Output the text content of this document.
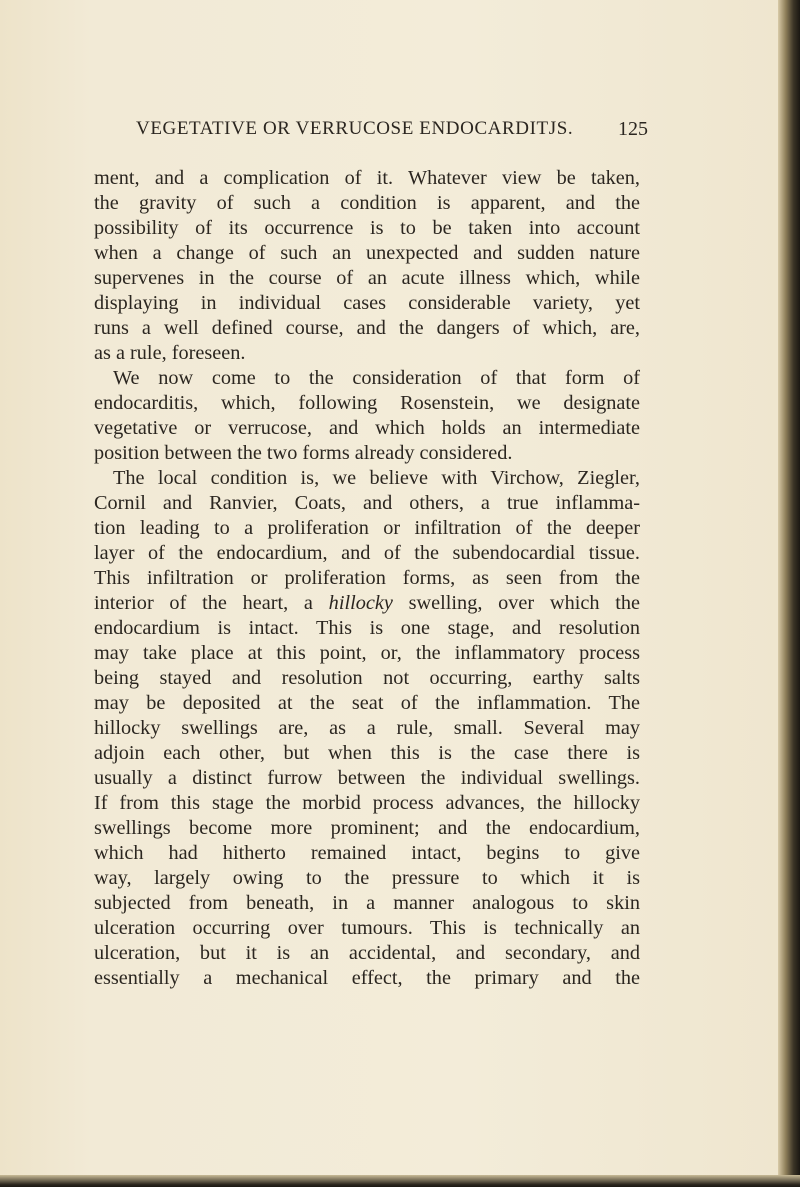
VEGETATIVE OR VERRUCOSE ENDOCARDITJS. 125
ment, and a complication of it. Whatever view be taken,
the gravity of such a condition is apparent, and the
possibility of its occurrence is to be taken into account
when a change of such an unexpected and sudden nature
supervenes in the course of an acute illness which, while
displaying in individual cases considerable variety, yet
runs a well defined course, and the dangers of which, are,
as a rule, foreseen.
We now come to the consideration of that form of
endocarditis, which, following Rosenstein, we designate
vegetative or verrucose, and which holds an intermediate
position between the two forms already considered.
The local condition is, we believe with Virchow, Ziegler,
Cornil and Ranvier, Coats, and others, a true inflamma-
tion leading to a proliferation or infiltration of the deeper
layer of the endocardium, and of the subendocardial tissue.
This infiltration or proliferation forms, as seen from the
interior of the heart, a hillocky swelling, over which the
endocardium is intact. This is one stage, and resolution
may take place at this point, or, the inflammatory process
being stayed and resolution not occurring, earthy salts
may be deposited at the seat of the inflammation. The
hillocky swellings are, as a rule, small. Several may
adjoin each other, but when this is the case there is
usually a distinct furrow between the individual swellings.
If from this stage the morbid process advances, the hillocky
swellings become more prominent; and the endocardium,
which had hitherto remained intact, begins to give
way, largely owing to the pressure to which it is
subjected from beneath, in a manner analogous to skin
ulceration occurring over tumours. This is technically an
ulceration, but it is an accidental, and secondary, and
essentially a mechanical effect, the primary and the
